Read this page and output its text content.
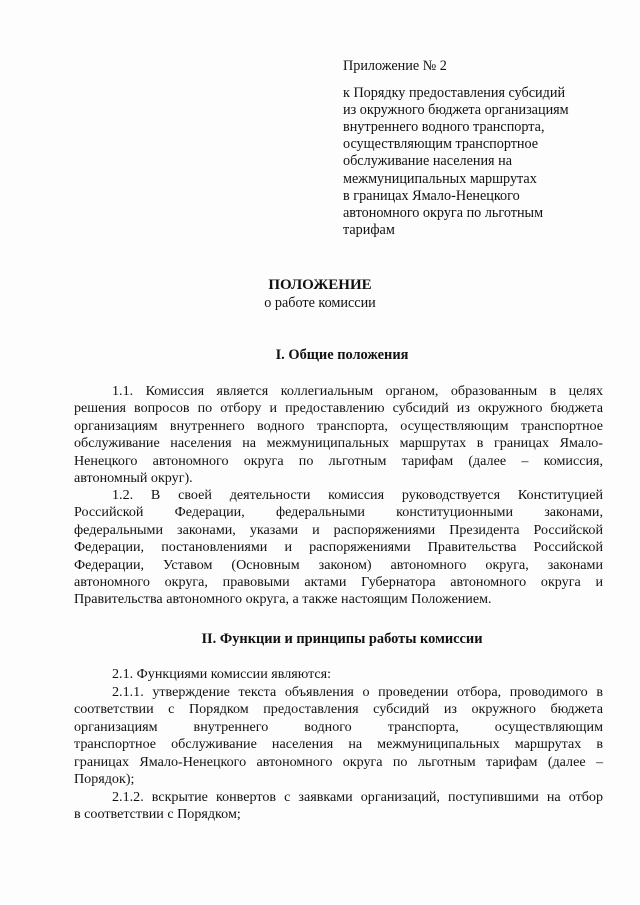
Приложение № 2
к Порядку предоставления субсидий
из окружного бюджета организациям
внутреннего водного транспорта,
осуществляющим транспортное
обслуживание населения на
межмуниципальных маршрутах
в границах Ямало-Ненецкого
автономного округа по льготным
тарифам
ПОЛОЖЕНИЕ
о работе комиссии
I. Общие положения
1.1. Комиссия является коллегиальным органом, образованным в целях
решения вопросов по отбору и предоставлению субсидий из окружного бюджета
организациям внутреннего водного транспорта, осуществляющим транспортное
обслуживание населения на межмуниципальных маршрутах в границах Ямало-
Ненецкого автономного округа по льготным тарифам (далее – комиссия,
автономный округ).
1.2. В своей деятельности комиссия руководствуется Конституцией
Российской Федерации, федеральными конституционными законами,
федеральными законами, указами и распоряжениями Президента Российской
Федерации, постановлениями и распоряжениями Правительства Российской
Федерации, Уставом (Основным законом) автономного округа, законами
автономного округа, правовыми актами Губернатора автономного округа и
Правительства автономного округа, а также настоящим Положением.
II. Функции и принципы работы комиссии
2.1. Функциями комиссии являются:
2.1.1. утверждение текста объявления о проведении отбора, проводимого в
соответствии с Порядком предоставления субсидий из окружного бюджета
организациям внутреннего водного транспорта, осуществляющим
транспортное обслуживание населения на межмуниципальных маршрутах в
границах Ямало-Ненецкого автономного округа по льготным тарифам (далее –
Порядок);
2.1.2. вскрытие конвертов с заявками организаций, поступившими на отбор
в соответствии с Порядком;
